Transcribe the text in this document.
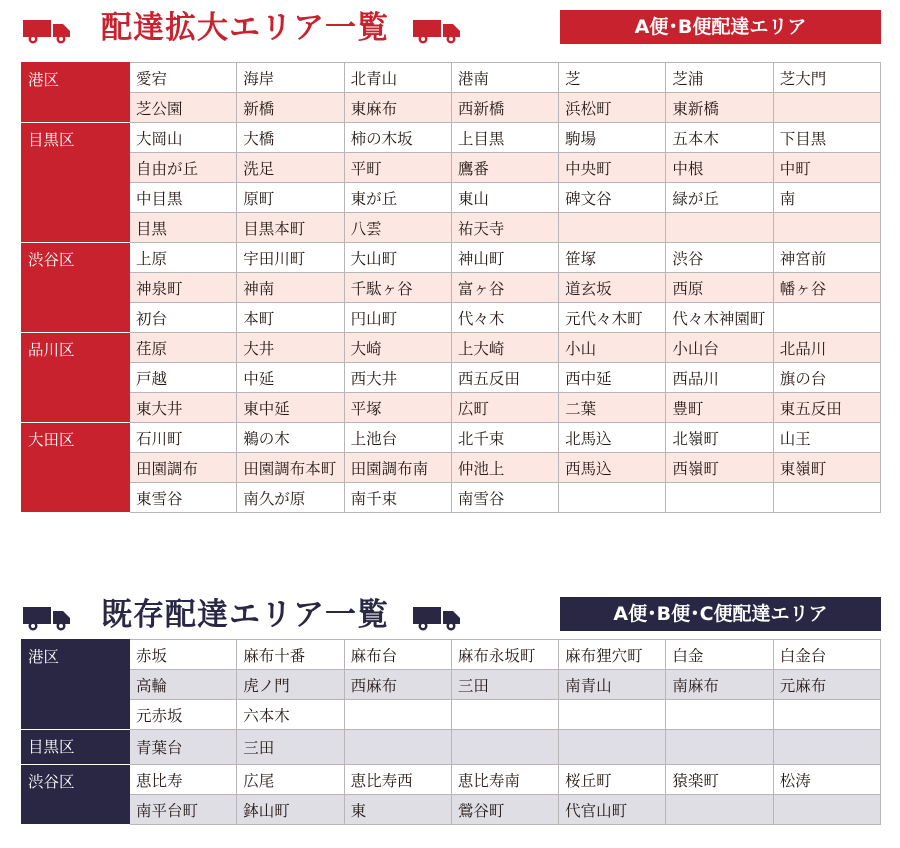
配達拡大エリア一覧	A便･B便配達エリア
港区	愛宕	海岸	北青山	港南	芝	芝浦	芝大門
	芝公園	新橋	東麻布	西新橋	浜松町	東新橋	
目黒区	大岡山	大橋	柿の木坂	上目黒	駒場	五本木	下目黒
	自由が丘	洗足	平町	鷹番	中央町	中根	中町
	中目黒	原町	東が丘	東山	碑文谷	緑が丘	南
	目黒	目黒本町	八雲	祐天寺			
渋谷区	上原	宇田川町	大山町	神山町	笹塚	渋谷	神宮前
	神泉町	神南	千駄ヶ谷	富ヶ谷	道玄坂	西原	幡ヶ谷
	初台	本町	円山町	代々木	元代々木町	代々木神園町	
品川区	荏原	大井	大崎	上大崎	小山	小山台	北品川
	戸越	中延	西大井	西五反田	西中延	西品川	旗の台
	東大井	東中延	平塚	広町	二葉	豊町	東五反田
大田区	石川町	鵜の木	上池台	北千束	北馬込	北嶺町	山王
	田園調布	田園調布本町	田園調布南	仲池上	西馬込	西嶺町	東嶺町
	東雪谷	南久が原	南千束	南雪谷			
既存配達エリア一覧	A便･B便･C便配達エリア
港区	赤坂	麻布十番	麻布台	麻布永坂町	麻布狸穴町	白金	白金台
	高輪	虎ノ門	西麻布	三田	南青山	南麻布	元麻布
	元赤坂	六本木					
目黒区	青葉台	三田					
渋谷区	恵比寿	広尾	恵比寿西	恵比寿南	桜丘町	猿楽町	松涛
	南平台町	鉢山町	東	鶯谷町	代官山町		
